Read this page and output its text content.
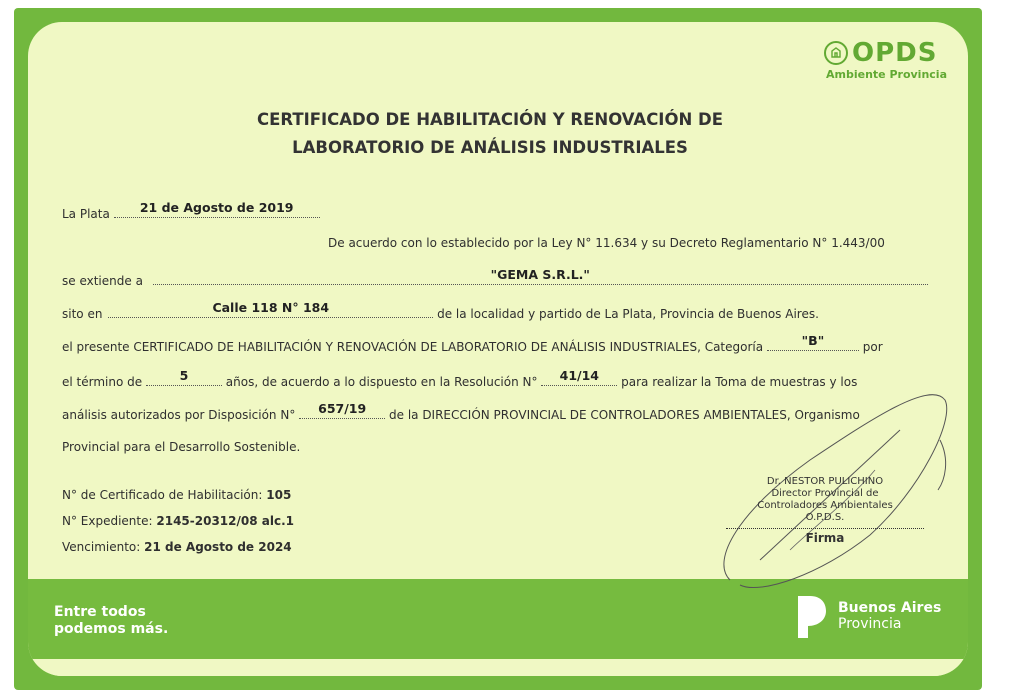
OPDS
Ambiente Provincia
CERTIFICADO DE HABILITACIÓN Y RENOVACIÓN DE
LABORATORIO DE ANÁLISIS INDUSTRIALES
La Plata	21 de Agosto de 2019
De acuerdo con lo establecido por la Ley N° 11.634 y su Decreto Reglamentario N° 1.443/00
se extiende a	"GEMA S.R.L."
sito en	Calle 118 N° 184	de la localidad y partido de La Plata, Provincia de Buenos Aires.
el presente CERTIFICADO DE HABILITACIÓN Y RENOVACIÓN DE LABORATORIO DE ANÁLISIS INDUSTRIALES, Categoría	"B"	por
el término de	5	años, de acuerdo a lo dispuesto en la Resolución N°	41/14	para realizar la Toma de muestras y los
análisis autorizados por Disposición N°	657/19	de la DIRECCIÓN PROVINCIAL DE CONTROLADORES AMBIENTALES, Organismo
Provincial para el Desarrollo Sostenible.
N° de Certificado de Habilitación: 105
N° Expediente: 2145-20312/08 alc.1
Vencimiento: 21 de Agosto de 2024
Dr. NESTOR PULICHINO
Director Provincial de
Controladores Ambientales
O.P.D.S.
Firma
Entre todos
podemos más.
Buenos Aires
Provincia
